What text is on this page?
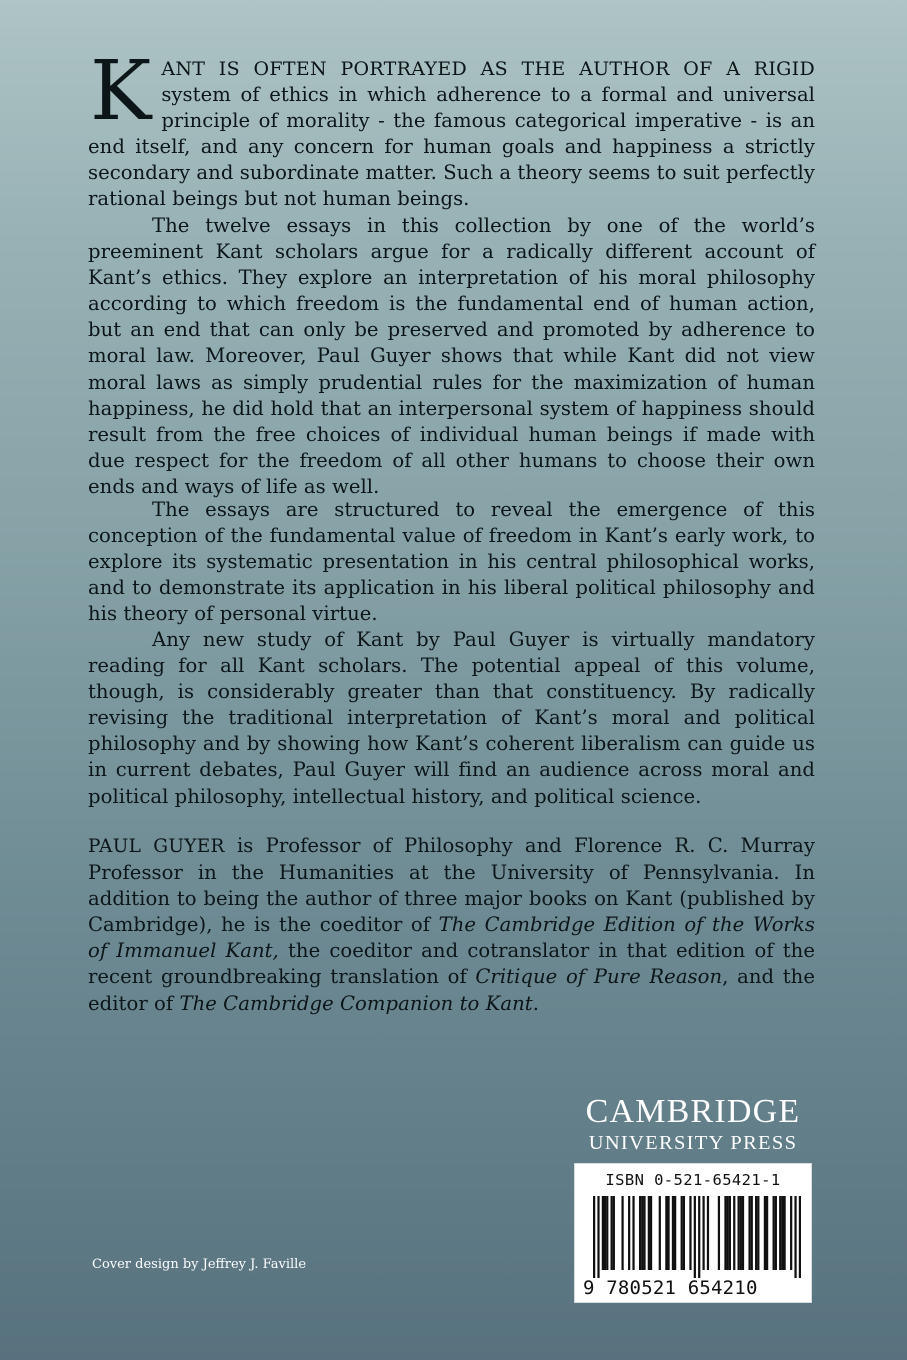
KANT IS OFTEN PORTRAYED AS THE AUTHOR OF A RIGID system of ethics in which adherence to a formal and universal principle of morality - the famous categorical imperative - is an end itself, and any concern for human goals and happiness a strictly secondary and subordinate matter. Such a theory seems to suit perfectly rational beings but not human beings.

The twelve essays in this collection by one of the world’s preeminent Kant scholars argue for a radically different account of Kant’s ethics. They explore an interpretation of his moral philosophy according to which freedom is the fundamental end of human action, but an end that can only be preserved and promoted by adherence to moral law. Moreover, Paul Guyer shows that while Kant did not view moral laws as simply prudential rules for the maximization of human happiness, he did hold that an interpersonal system of happiness should result from the free choices of individual human beings if made with due respect for the freedom of all other humans to choose their own ends and ways of life as well.

The essays are structured to reveal the emergence of this conception of the fundamental value of freedom in Kant’s early work, to explore its systematic presentation in his central philosophical works, and to demonstrate its application in his liberal political philosophy and his theory of personal virtue.

Any new study of Kant by Paul Guyer is virtually mandatory reading for all Kant scholars. The potential appeal of this volume, though, is considerably greater than that constituency. By radically revising the traditional interpretation of Kant’s moral and political philosophy and by showing how Kant’s coherent liberalism can guide us in current debates, Paul Guyer will find an audience across moral and political philosophy, intellectual history, and political science.

PAUL GUYER is Professor of Philosophy and Florence R. C. Murray Professor in the Humanities at the University of Pennsylvania. In addition to being the author of three major books on Kant (published by Cambridge), he is the coeditor of The Cambridge Edition of the Works of Immanuel Kant, the coeditor and cotranslator in that edition of the recent groundbreaking translation of Critique of Pure Reason, and the editor of The Cambridge Companion to Kant.

CAMBRIDGE
UNIVERSITY PRESS
ISBN 0-521-65421-1
9 780521 654210
Cover design by Jeffrey J. Faville
